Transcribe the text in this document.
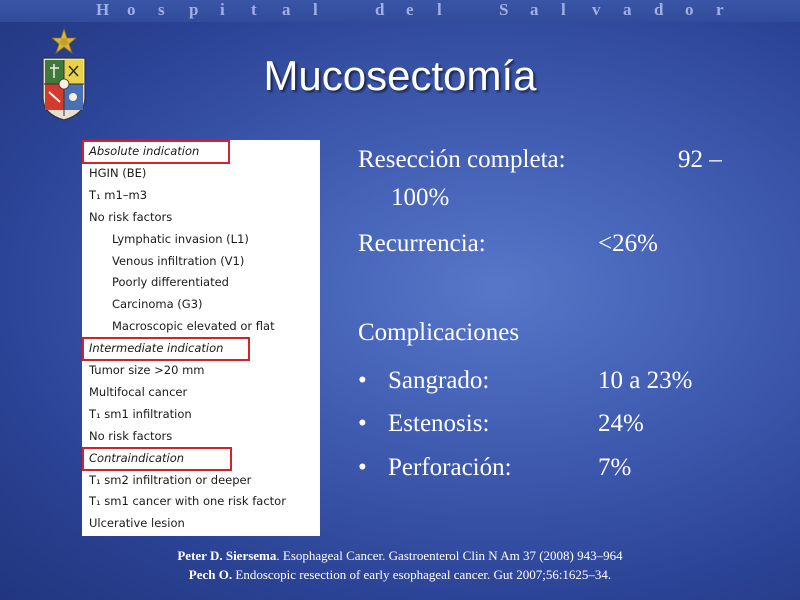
H o s p i t a l	d e l	S a l v a d o r
Mucosectomía
Absolute indication
HGIN (BE)
T₁ m1–m3
No risk factors
Lymphatic invasion (L1)
Venous infiltration (V1)
Poorly differentiated
Carcinoma (G3)
Macroscopic elevated or flat
Intermediate indication
Tumor size >20 mm
Multifocal cancer
T₁ sm1 infiltration
No risk factors
Contraindication
T₁ sm2 infiltration or deeper
T₁ sm1 cancer with one risk factor
Ulcerative lesion
Resección completa:	92 –
100%
Recurrencia:	<26%
Complicaciones
• Sangrado:	10 a 23%
• Estenosis:	24%
• Perforación:	7%
Peter D. Siersema. Esophageal Cancer. Gastroenterol Clin N Am 37 (2008) 943–964
Pech O. Endoscopic resection of early esophageal cancer. Gut 2007;56:1625–34.
